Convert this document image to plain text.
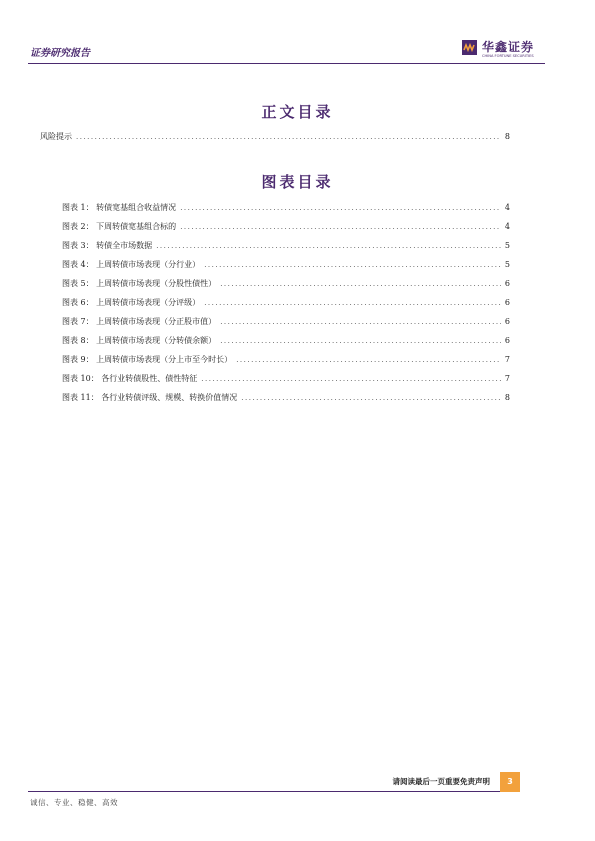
证券研究报告	华鑫证券
CHINA FORTUNE SECURITIES
正文目录
风险提示 .....	8
图表目录
图表 1： 转债宽基组合收益情况 .....	4
图表 2： 下周转债宽基组合标的 .....	4
图表 3： 转债全市场数据 .....	5
图表 4： 上周转债市场表现（分行业） .....	5
图表 5： 上周转债市场表现（分股性债性） .....	6
图表 6： 上周转债市场表现（分评级） .....	6
图表 7： 上周转债市场表现（分正股市值） .....	6
图表 8： 上周转债市场表现（分转债余额） .....	6
图表 9： 上周转债市场表现（分上市至今时长） .....	7
图表 10： 各行业转债股性、债性特征 .....	7
图表 11： 各行业转债评级、规模、转换价值情况 .....	8
请阅读最后一页重要免责声明	3
诚信、专业、稳健、高效
